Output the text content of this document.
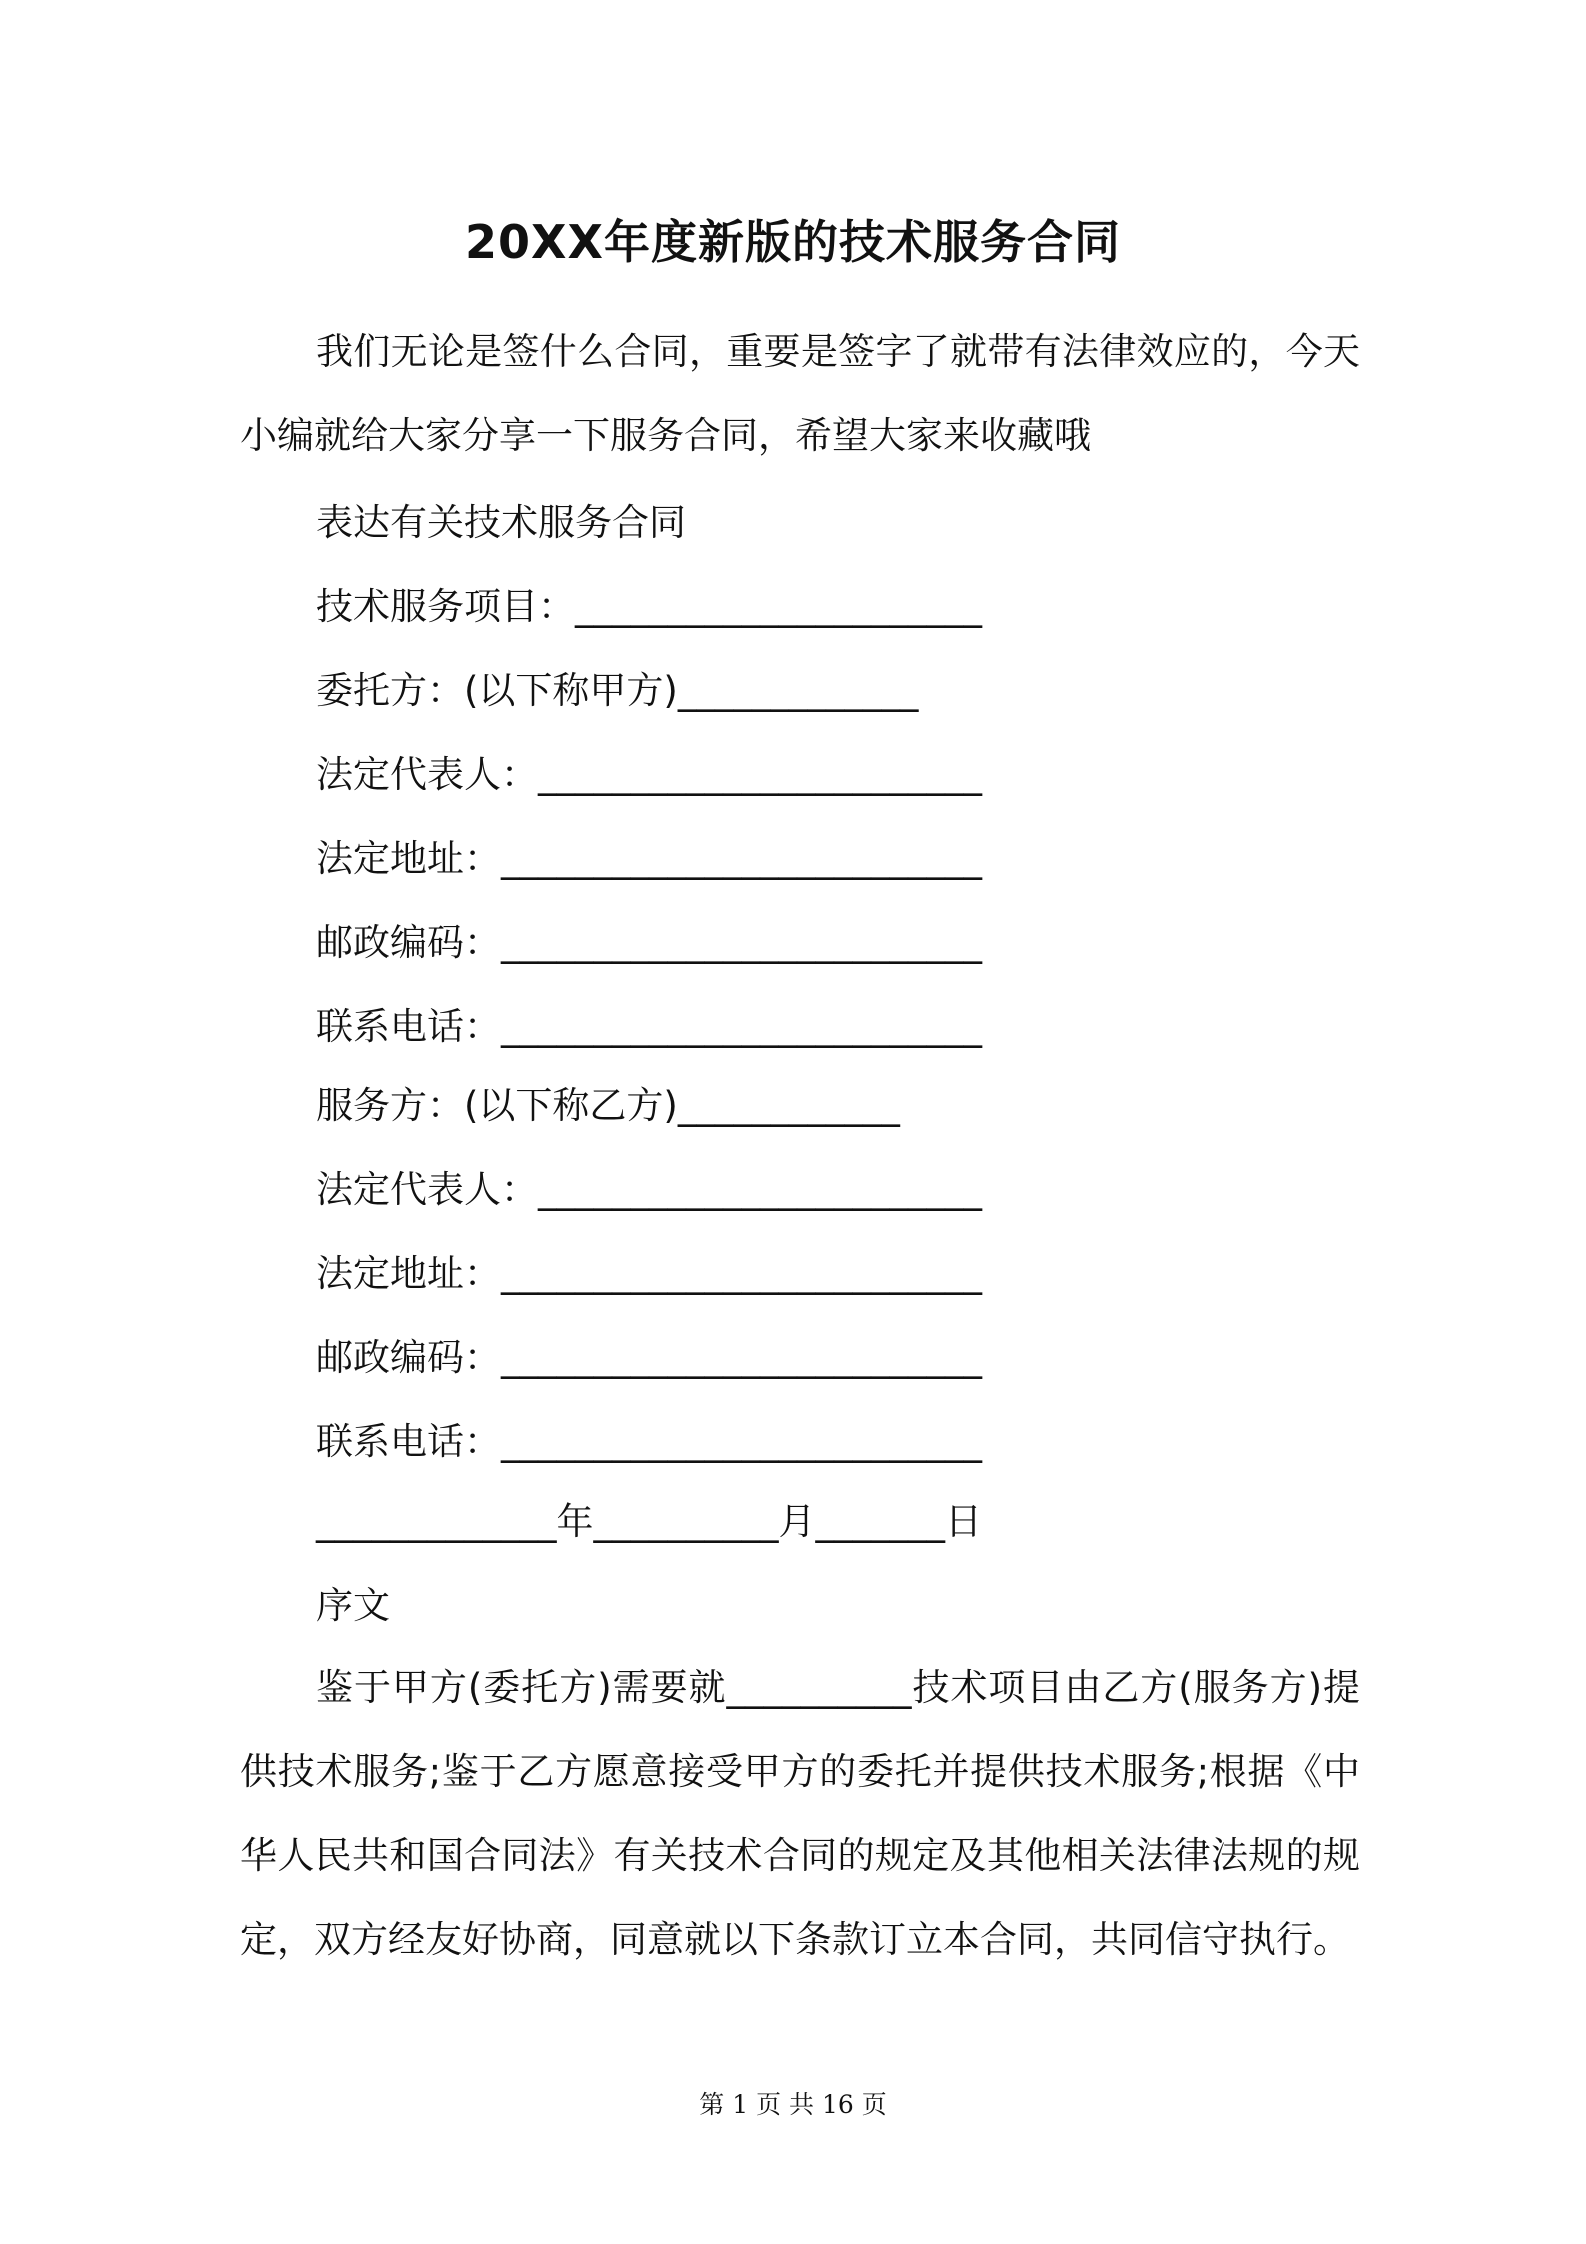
20XX年度新版的技术服务合同
我们无论是签什么合同，重要是签字了就带有法律效应的，今天小编就给大家分享一下服务合同，希望大家来收藏哦
表达有关技术服务合同
技术服务项目：______________________
委托方：(以下称甲方)_____________
法定代表人：________________________
法定地址：__________________________
邮政编码：__________________________
联系电话：__________________________
服务方：(以下称乙方)____________
法定代表人：________________________
法定地址：__________________________
邮政编码：__________________________
联系电话：__________________________
_____________年__________月_______日
序文
鉴于甲方(委托方)需要就__________技术项目由乙方(服务方)提供技术服务;鉴于乙方愿意接受甲方的委托并提供技术服务;根据《中华人民共和国合同法》有关技术合同的规定及其他相关法律法规的规定，双方经友好协商，同意就以下条款订立本合同，共同信守执行。
第 1 页 共 16 页
